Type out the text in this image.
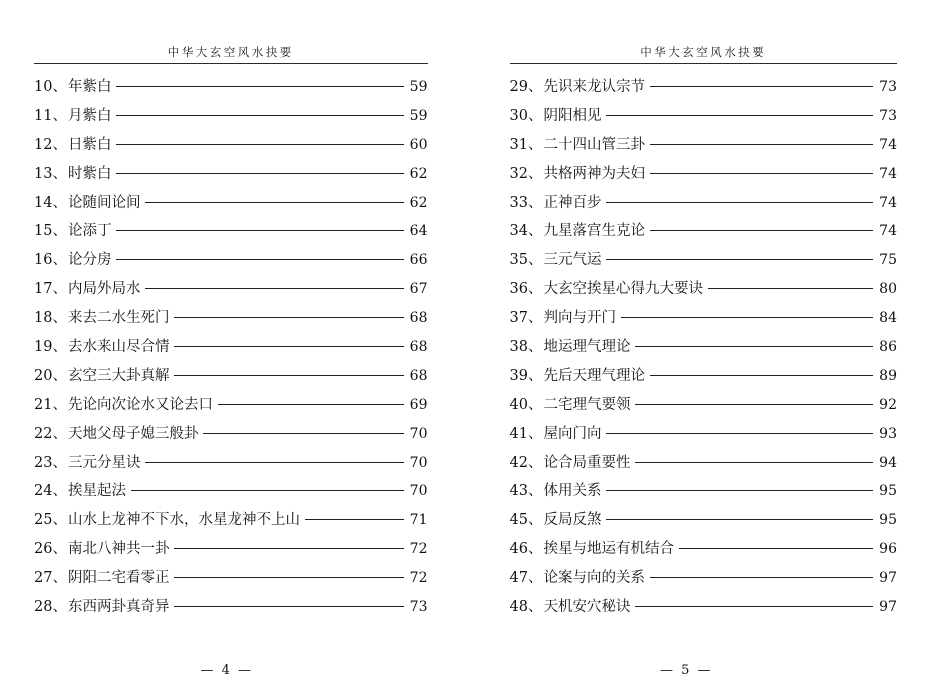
中华大玄空风水抉要
10、 年紫白	59
11、 月紫白	59
12、 日紫白	60
13、 时紫白	62
14、 论随间论间	62
15、 论添丁	64
16、 论分房	66
17、 内局外局水	67
18、 来去二水生死门	68
19、 去水来山尽合情	68
20、 玄空三大卦真解	68
21、 先论向次论水又论去口	69
22、 天地父母子媳三般卦	70
23、 三元分星诀	70
24、 挨星起法	70
25、 山水上龙神不下水，水星龙神不上山	71
26、 南北八神共一卦	72
27、 阴阳二宅看零正	72
28、 东西两卦真奇异	73
— 4 —
中华大玄空风水抉要
29、 先识来龙认宗节	73
30、 阴阳相见	73
31、 二十四山管三卦	74
32、 共格两神为夫妇	74
33、 正神百步	74
34、 九星落宫生克论	74
35、 三元气运	75
36、 大玄空挨星心得九大要诀	80
37、 判向与开门	84
38、 地运理气理论	86
39、 先后天理气理论	89
40、 二宅理气要领	92
41、 屋向门向	93
42、 论合局重要性	94
43、 体用关系	95
45、 反局反煞	95
46、 挨星与地运有机结合	96
47、 论案与向的关系	97
48、 天机安穴秘诀	97
— 5 —
